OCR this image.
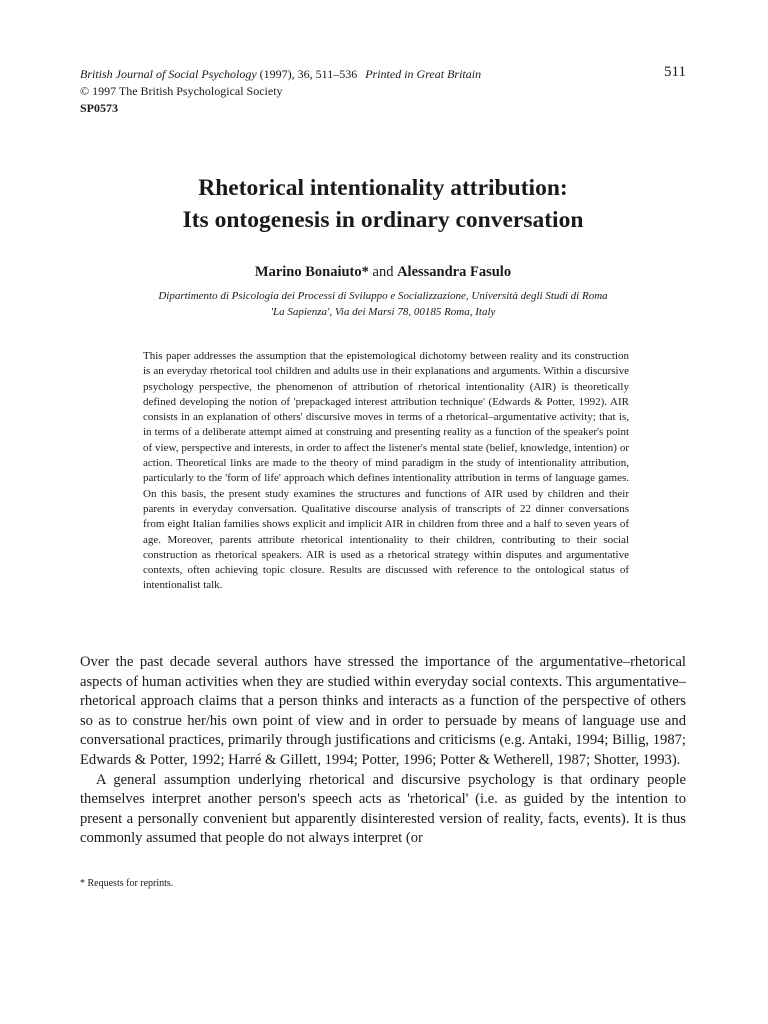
British Journal of Social Psychology (1997), 36, 511–536 Printed in Great Britain	511
© 1997 The British Psychological Society
SP0573
Rhetorical intentionality attribution:
Its ontogenesis in ordinary conversation
Marino Bonaiuto* and Alessandra Fasulo
Dipartimento di Psicologia dei Processi di Sviluppo e Socializzazione, Università degli Studi di Roma
'La Sapienza', Via dei Marsi 78, 00185 Roma, Italy
This paper addresses the assumption that the epistemological dichotomy between reality and its construction is an everyday rhetorical tool children and adults use in their explanations and arguments. Within a discursive psychology perspective, the phenomenon of attribution of rhetorical intentionality (AIR) is theoretically defined developing the notion of 'prepackaged interest attribution technique' (Edwards & Potter, 1992). AIR consists in an explanation of others' discursive moves in terms of a rhetorical–argumentative activity; that is, in terms of a deliberate attempt aimed at construing and presenting reality as a function of the speaker's point of view, perspective and interests, in order to affect the listener's mental state (belief, knowledge, intention) or action. Theoretical links are made to the theory of mind paradigm in the study of intentionality attribution, particularly to the 'form of life' approach which defines intentionality attribution in terms of language games. On this basis, the present study examines the structures and functions of AIR used by children and their parents in everyday conversation. Qualitative discourse analysis of transcripts of 22 dinner conversations from eight Italian families shows explicit and implicit AIR in children from three and a half to seven years of age. Moreover, parents attribute rhetorical intentionality to their children, contributing to their social construction as rhetorical speakers. AIR is used as a rhetorical strategy within disputes and argumentative contexts, often achieving topic closure. Results are discussed with reference to the ontological status of intentionalist talk.

Over the past decade several authors have stressed the importance of the argumentative–rhetorical aspects of human activities when they are studied within everyday social contexts. This argumentative–rhetorical approach claims that a person thinks and interacts as a function of the perspective of others so as to construe her/his own point of view and in order to persuade by means of language use and conversational practices, primarily through justifications and criticisms (e.g. Antaki, 1994; Billig, 1987; Edwards & Potter, 1992; Harré & Gillett, 1994; Potter, 1996; Potter & Wetherell, 1987; Shotter, 1993).

A general assumption underlying rhetorical and discursive psychology is that ordinary people themselves interpret another person's speech acts as 'rhetorical' (i.e. as guided by the intention to present a personally convenient but apparently disinterested version of reality, facts, events). It is thus commonly assumed that people do not always interpret (or

* Requests for reprints.
